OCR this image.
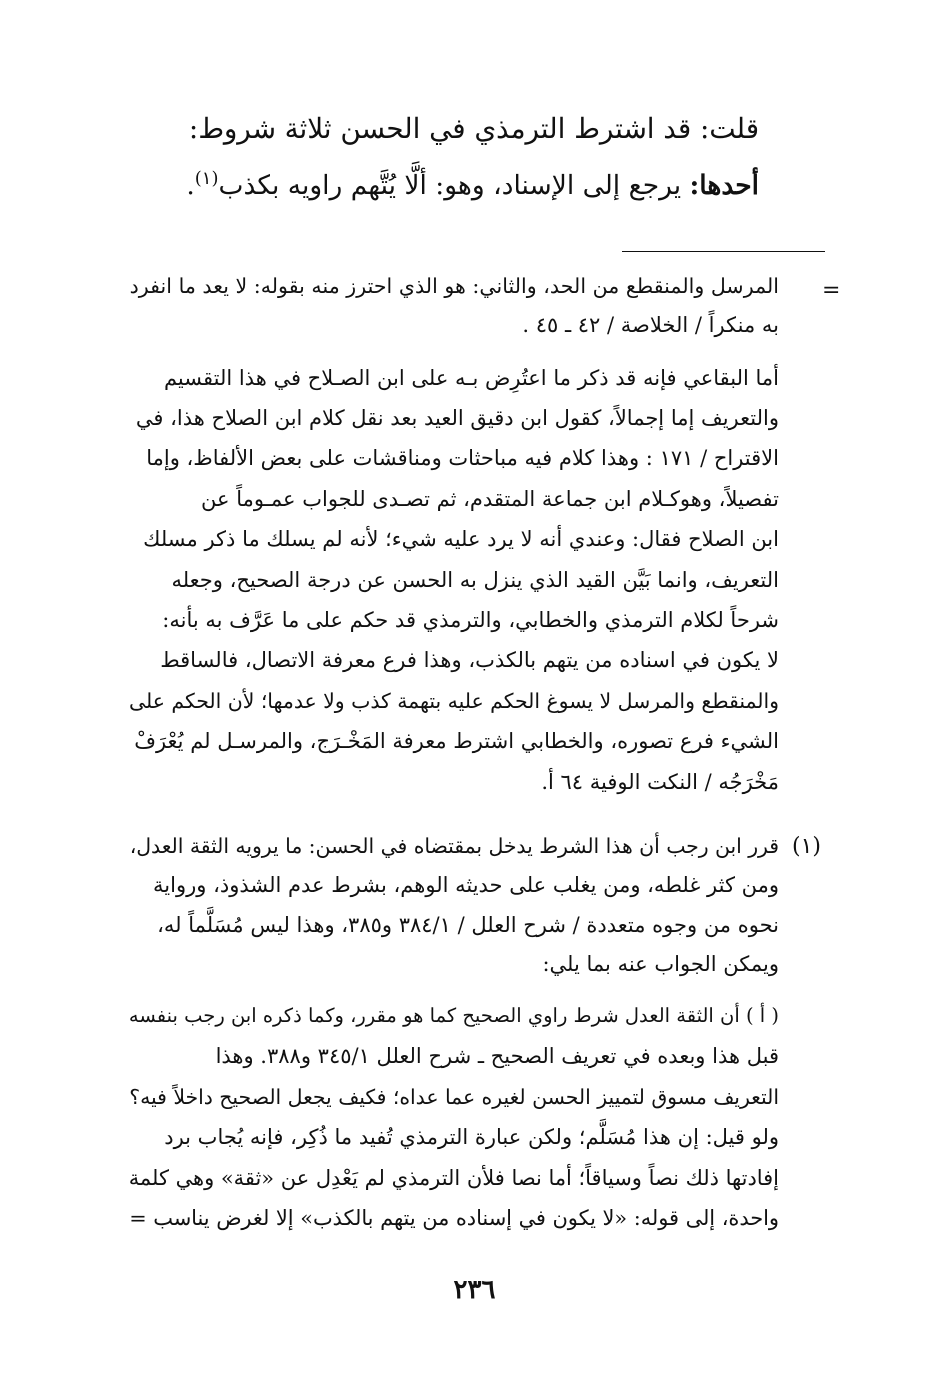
قلت: قد اشترط الترمذي في الحسن ثلاثة شروط:
أحدها: يرجع إلى الإسناد، وهو: ألَّا يُتَّهم راويه بكذب$^{(١)}$.
=
المرسل والمنقطع من الحد، والثاني: هو الذي احترز منه بقوله: لا يعد ما انفرد
به منكراً / الخلاصة / ٤٢ ـ ٤٥ .
أما البقاعي فإنه قد ذكر ما اعتُرِض بـه على ابن الصـلاح في هذا التقسيم
والتعريف إما إجمالاً، كقول ابن دقيق العيد بعد نقل كلام ابن الصلاح هذا، في
الاقتراح / ١٧١ : وهذا كلام فيه مباحثات ومناقشات على بعض الألفاظ، وإما
تفصيلاً، وهوكـلام ابن جماعة المتقدم، ثم تصـدى للجواب عمـوماً عن
ابن الصلاح فقال: وعندي أنه لا يرد عليه شيء؛ لأنه لم يسلك ما ذكر مسلك
التعريف، وانما بَيَّن القيد الذي ينزل به الحسن عن درجة الصحيح، وجعله
شرحاً لكلام الترمذي والخطابي، والترمذي قد حكم على ما عَرَّف به بأنه:
لا يكون في اسناده من يتهم بالكذب، وهذا فرع معرفة الاتصال، فالساقط
والمنقطع والمرسل لا يسوغ الحكم عليه بتهمة كذب ولا عدمها؛ لأن الحكم على
الشيء فرع تصوره، والخطابي اشترط معرفة المَخْـرَج، والمرسـل لم يُعْرَفْ
مَخْرَجُه / النكت الوفية ٦٤ أ.
(١)
قرر ابن رجب أن هذا الشرط يدخل بمقتضاه في الحسن: ما يرويه الثقة العدل،
ومن كثر غلطه، ومن يغلب على حديثه الوهم، بشرط عدم الشذوذ، ورواية
نحوه من وجوه متعددة / شرح العلل / ٣٨٤/١ و٣٨٥، وهذا ليس مُسَلَّماً له،
ويمكن الجواب عنه بما يلي:
( أ ) أن الثقة العدل شرط راوي الصحيح كما هو مقرر، وكما ذكره ابن رجب بنفسه
قبل هذا وبعده في تعريف الصحيح ـ شرح العلل ٣٤٥/١ و٣٨٨. وهذا
التعريف مسوق لتمييز الحسن لغيره عما عداه؛ فكيف يجعل الصحيح داخلاً فيه؟
ولو قيل: إن هذا مُسَلَّم؛ ولكن عبارة الترمذي تُفيد ما ذُكِر، فإنه يُجاب برد
إفادتها ذلك نصاً وسياقاً؛ أما نصا فلأن الترمذي لم يَعْدِل عن «ثقة» وهي كلمة
واحدة، إلى قوله: «لا يكون في إسناده من يتهم بالكذب» إلا لغرض يناسب =
٢٣٦
